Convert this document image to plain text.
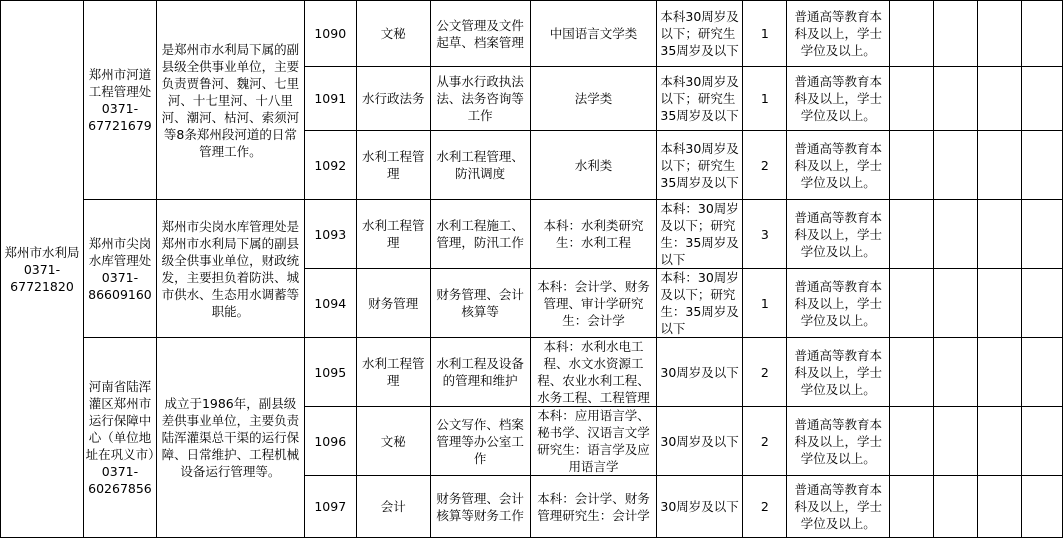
郑州市水利局
0371-67721820	郑州市河道工程管理处0371-67721679	是郑州市水利局下属的副县级全供事业单位，主要负责贾鲁河、魏河、七里河、十七里河、十八里河、潮河、枯河、索须河等8条郑州段河道的日常管理工作。	1090	文秘	公文管理及文件起草、档案管理	中国语言文学类	本科30周岁及以下；研究生35周岁及以下	1	普通高等教育本科及以上，学士学位及以上。				
			1091	水行政法务	从事水行政执法法、法务咨询等工作	法学类	本科30周岁及以下；研究生35周岁及以下	1	普通高等教育本科及以上，学士学位及以上。				
			1092	水利工程管理	水利工程管理、防汛调度	水利类	本科30周岁及以下；研究生35周岁及以下	2	普通高等教育本科及以上，学士学位及以上。				
	郑州市尖岗水库管理处0371-86609160	郑州市尖岗水库管理处是郑州市水利局下属的副县级全供事业单位，财政统发，主要担负着防洪、城市供水、生态用水调蓄等职能。	1093	水利工程管理	水利工程施工、管理，防汛工作	本科：水利类研究生：水利工程	本科：30周岁及以下；研究生：35周岁及以下	3	普通高等教育本科及以上，学士学位及以上。				
			1094	财务管理	财务管理、会计核算等	本科：会计学、财务管理、审计学研究生：会计学	本科：30周岁及以下；研究生：35周岁及以下	1	普通高等教育本科及以上，学士学位及以上。				
	河南省陆浑灌区郑州市运行保障中心（单位地址在巩义市）0371-60267856	成立于1986年，副县级差供事业单位，主要负责陆浑灌渠总干渠的运行保障、日常维护、工程机械设备运行管理等。	1095	水利工程管理	水利工程及设备的管理和维护	本科：水利水电工程、水文水资源工程、农业水利工程、水务工程、工程管理	30周岁及以下	2	普通高等教育本科及以上，学士学位及以上。				
			1096	文秘	公文写作、档案管理等办公室工作	本科：应用语言学、秘书学、汉语言文学研究生：语言学及应用语言学	30周岁及以下	2	普通高等教育本科及以上，学士学位及以上。				
			1097	会计	财务管理、会计核算等财务工作	本科：会计学、财务管理研究生：会计学	30周岁及以下	2	普通高等教育本科及以上，学士学位及以上。				
